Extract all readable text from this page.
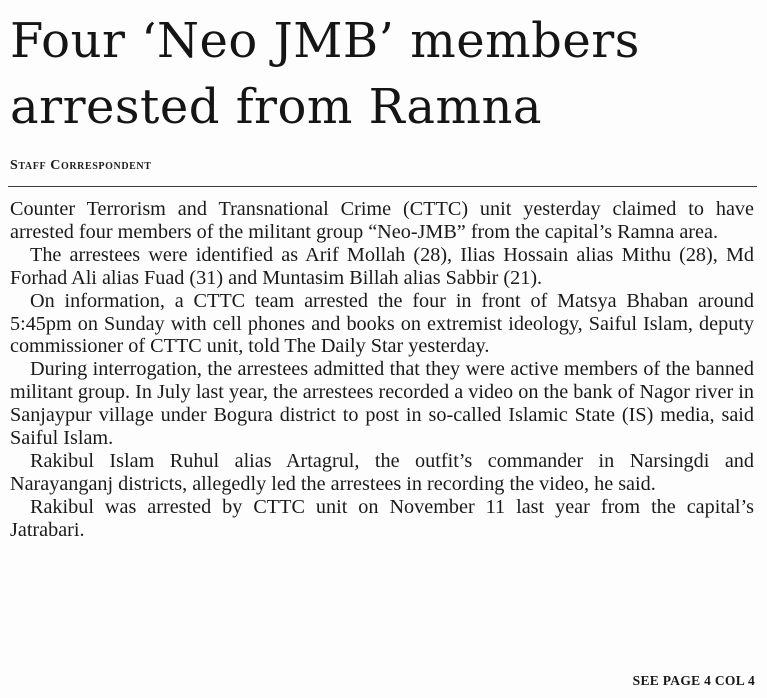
Four ‘Neo JMB’ members arrested from Ramna
Staff Correspondent

Counter Terrorism and Transnational Crime (CTTC) unit yesterday claimed to have arrested four members of the militant group “Neo-JMB” from the capital’s Ramna area.

The arrestees were identified as Arif Mollah (28), Ilias Hossain alias Mithu (28), Md Forhad Ali alias Fuad (31) and Muntasim Billah alias Sabbir (21).

On information, a CTTC team arrested the four in front of Matsya Bhaban around 5:45pm on Sunday with cell phones and books on extremist ideology, Saiful Islam, deputy commissioner of CTTC unit, told The Daily Star yesterday.

During interrogation, the arrestees admitted that they were active members of the banned militant group. In July last year, the arrestees recorded a video on the bank of Nagor river in Sanjaypur village under Bogura district to post in so-called Islamic State (IS) media, said Saiful Islam.

Rakibul Islam Ruhul alias Artagrul, the outfit’s commander in Narsingdi and Narayanganj districts, allegedly led the arrestees in recording the video, he said.

Rakibul was arrested by CTTC unit on November 11 last year from the capital’s Jatrabari.

SEE PAGE 4 COL 4
